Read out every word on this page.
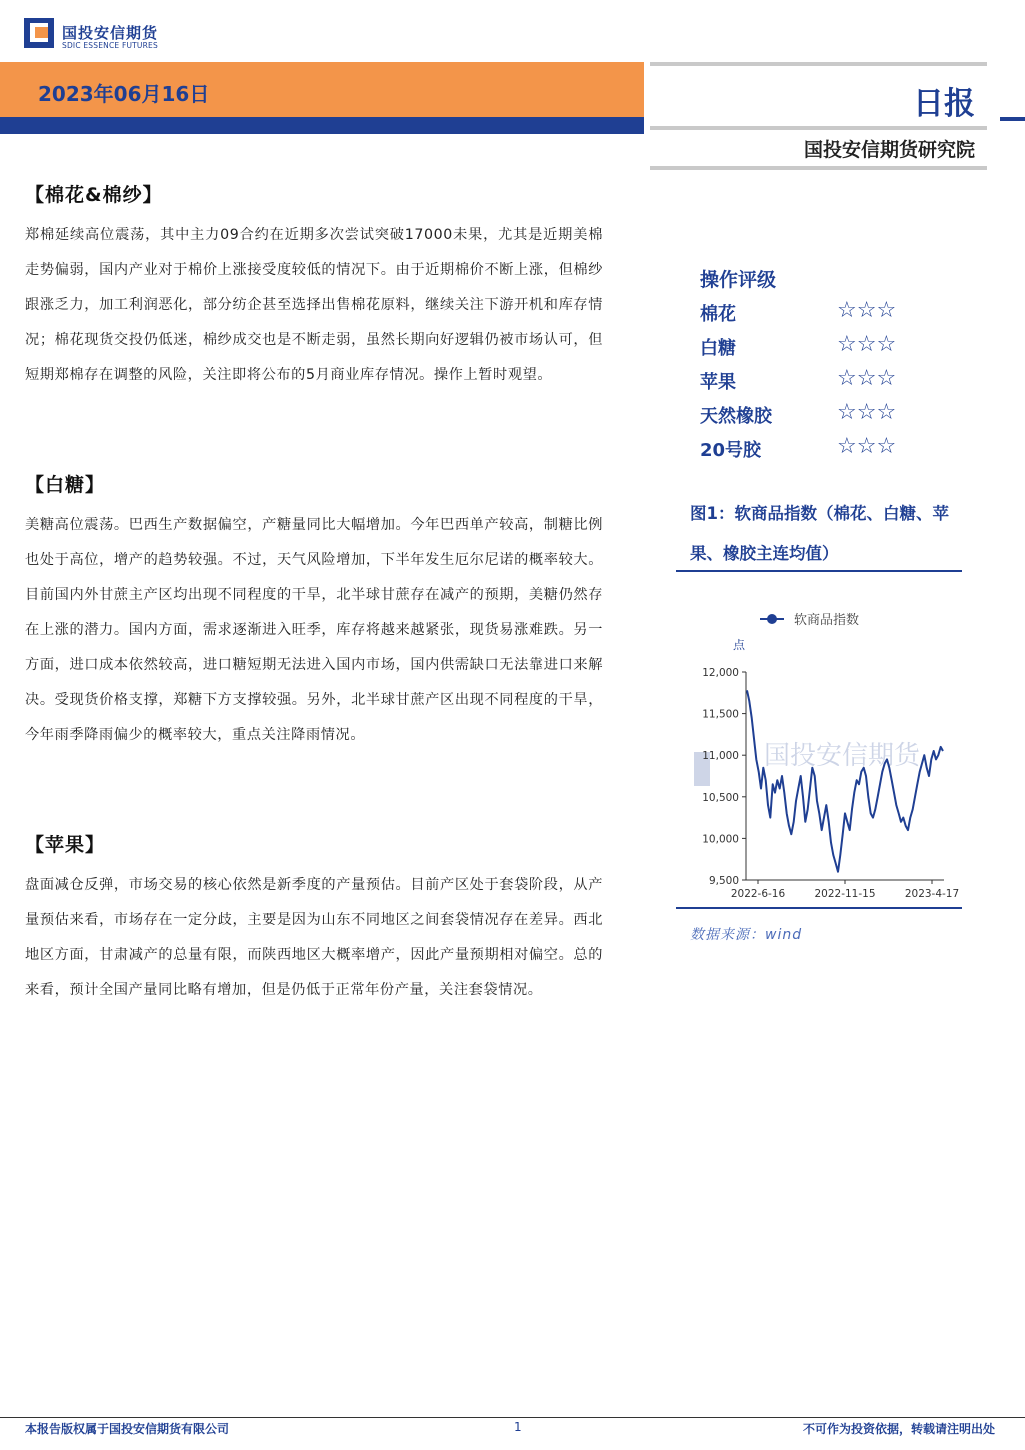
国投安信期货
SDIC ESSENCE FUTURES
2023年06月16日	日报
国投安信期货研究院
【棉花&棉纱】

郑棉延续高位震荡，其中主力09合约在近期多次尝试突破17000未果，尤其是近期美棉走势偏弱，国内产业对于棉价上涨接受度较低的情况下。由于近期棉价不断上涨，但棉纱跟涨乏力，加工利润恶化，部分纺企甚至选择出售棉花原料，继续关注下游开机和库存情况；棉花现货交投仍低迷，棉纱成交也是不断走弱，虽然长期向好逻辑仍被市场认可，但短期郑棉存在调整的风险，关注即将公布的5月商业库存情况。操作上暂时观望。

【白糖】

美糖高位震荡。巴西生产数据偏空，产糖量同比大幅增加。今年巴西单产较高，制糖比例也处于高位，增产的趋势较强。不过，天气风险增加，下半年发生厄尔尼诺的概率较大。目前国内外甘蔗主产区均出现不同程度的干旱，北半球甘蔗存在减产的预期，美糖仍然存在上涨的潜力。国内方面，需求逐渐进入旺季，库存将越来越紧张，现货易涨难跌。另一方面，进口成本依然较高，进口糖短期无法进入国内市场，国内供需缺口无法靠进口来解决。受现货价格支撑，郑糖下方支撑较强。另外，北半球甘蔗产区出现不同程度的干旱，今年雨季降雨偏少的概率较大，重点关注降雨情况。

【苹果】

盘面减仓反弹，市场交易的核心依然是新季度的产量预估。目前产区处于套袋阶段，从产量预估来看，市场存在一定分歧，主要是因为山东不同地区之间套袋情况存在差异。西北地区方面，甘肃减产的总量有限，而陕西地区大概率增产，因此产量预期相对偏空。总的来看，预计全国产量同比略有增加，但是仍低于正常年份产量，关注套袋情况。

操作评级
棉花	☆☆☆
白糖	☆☆☆
苹果	☆☆☆
天然橡胶	☆☆☆
20号胶	☆☆☆

图1：软商品指数（棉花、白糖、苹果、橡胶主连均值）

软商品指数
点
国投安信期货
12,000
11,500
11,000
10,500
10,000
9,500
2022-6-16	2022-11-15	2023-4-17
数据来源：wind
本报告版权属于国投安信期货有限公司	1	不可作为投资依据，转载请注明出处
